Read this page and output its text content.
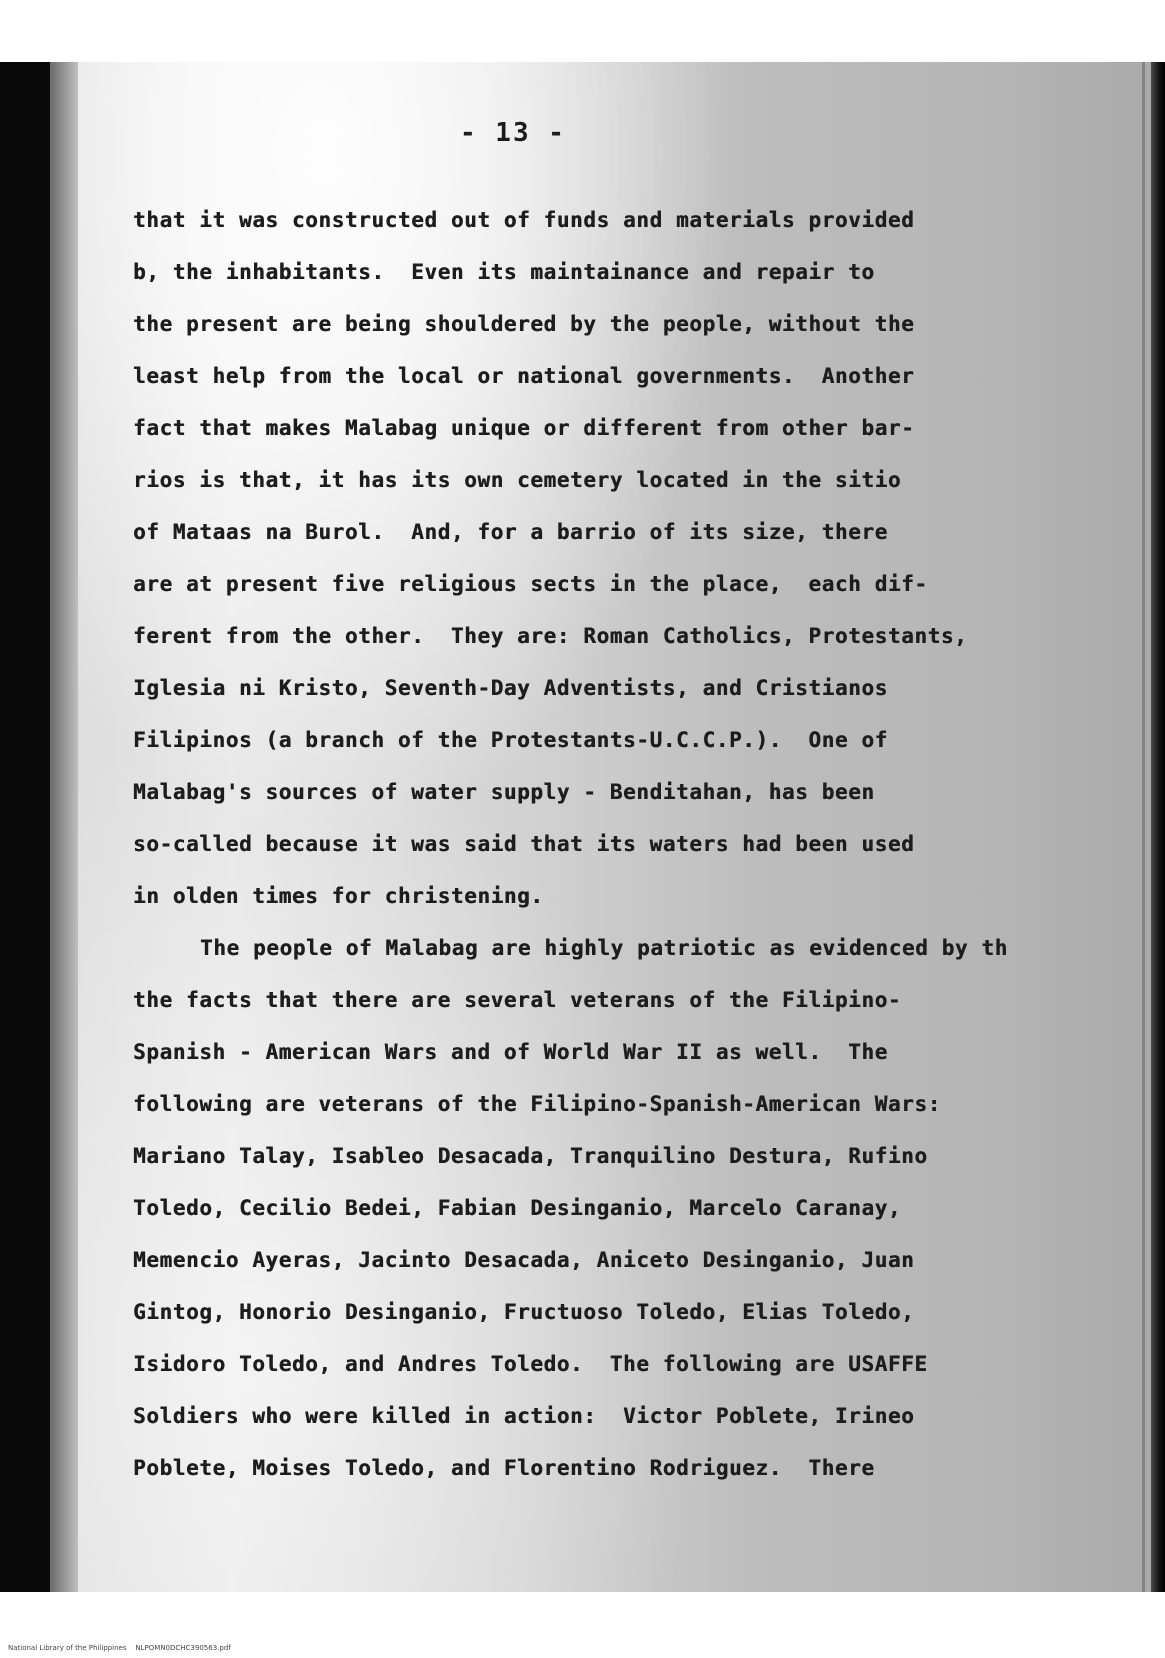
- 13 -
that it was constructed out of funds and materials provided
b, the inhabitants.  Even its maintainance and repair to
the present are being shouldered by the people, without the
least help from the local or national governments.  Another
fact that makes Malabag unique or different from other bar-
rios is that, it has its own cemetery located in the sitio
of Mataas na Burol.  And, for a barrio of its size, there
are at present five religious sects in the place,  each dif-
ferent from the other.  They are: Roman Catholics, Protestants,
Iglesia ni Kristo, Seventh-Day Adventists, and Cristianos
Filipinos (a branch of the Protestants-U.C.C.P.).  One of
Malabag's sources of water supply - Benditahan, has been
so-called because it was said that its waters had been used
in olden times for christening.
The people of Malabag are highly patriotic as evidenced by th
the facts that there are several veterans of the Filipino-
Spanish - American Wars and of World War II as well.  The
following are veterans of the Filipino-Spanish-American Wars:
Mariano Talay, Isableo Desacada, Tranquilino Destura, Rufino
Toledo, Cecilio Bedei, Fabian Desinganio, Marcelo Caranay,
Memencio Ayeras, Jacinto Desacada, Aniceto Desinganio, Juan
Gintog, Honorio Desinganio, Fructuoso Toledo, Elias Toledo,
Isidoro Toledo, and Andres Toledo.  The following are USAFFE
Soldiers who were killed in action:  Victor Poblete, Irineo
Poblete, Moises Toledo, and Florentino Rodriguez.  There
National Library of the Philippines NLPOMN0DCHC390563.pdf
